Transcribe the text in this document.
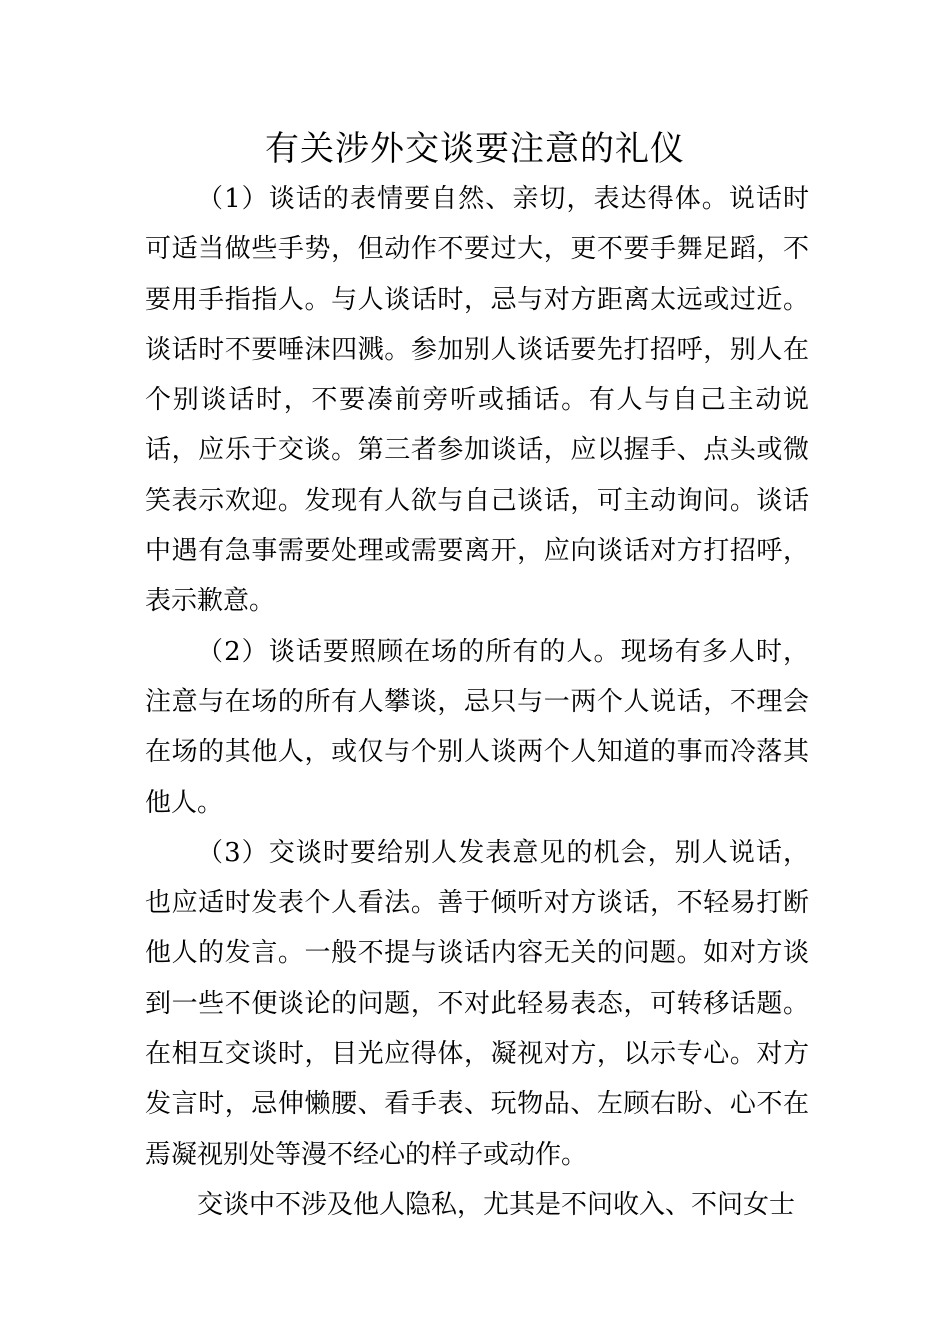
有关涉外交谈要注意的礼仪

（1）谈话的表情要自然、亲切，表达得体。说话时可适当做些手势，但动作不要过大，更不要手舞足蹈，不要用手指指人。与人谈话时，忌与对方距离太远或过近。谈话时不要唾沫四溅。参加别人谈话要先打招呼，别人在个别谈话时，不要凑前旁听或插话。有人与自己主动说话，应乐于交谈。第三者参加谈话，应以握手、点头或微笑表示欢迎。发现有人欲与自己谈话，可主动询问。谈话中遇有急事需要处理或需要离开，应向谈话对方打招呼，表示歉意。

（2）谈话要照顾在场的所有的人。现场有多人时，注意与在场的所有人攀谈，忌只与一两个人说话，不理会在场的其他人，或仅与个别人谈两个人知道的事而冷落其他人。

（3）交谈时要给别人发表意见的机会，别人说话，也应适时发表个人看法。善于倾听对方谈话，不轻易打断他人的发言。一般不提与谈话内容无关的问题。如对方谈到一些不便谈论的问题，不对此轻易表态，可转移话题。在相互交谈时，目光应得体，凝视对方，以示专心。对方发言时，忌伸懒腰、看手表、玩物品、左顾右盼、心不在焉凝视别处等漫不经心的样子或动作。

交谈中不涉及他人隐私，尤其是不问收入、不问女士
